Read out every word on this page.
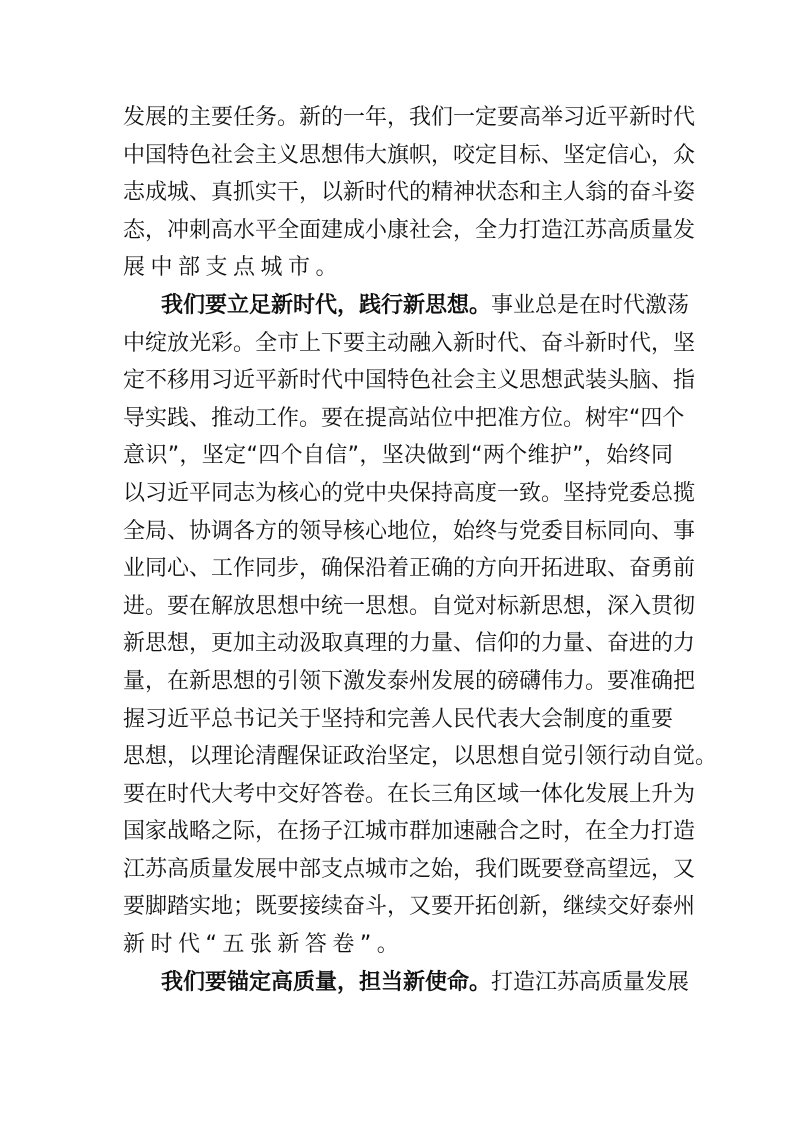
发展的主要任务。新的一年，我们一定要高举习近平新时代
中国特色社会主义思想伟大旗帜，咬定目标、坚定信心，众
志成城、真抓实干，以新时代的精神状态和主人翁的奋斗姿
态，冲刺高水平全面建成小康社会，全力打造江苏高质量发
展中部支点城市。
我们要立足新时代，践行新思想。事业总是在时代激荡
中绽放光彩。全市上下要主动融入新时代、奋斗新时代，坚
定不移用习近平新时代中国特色社会主义思想武装头脑、指
导实践、推动工作。要在提高站位中把准方位。树牢“四个
意识”，坚定“四个自信”，坚决做到“两个维护”，始终同
以习近平同志为核心的党中央保持高度一致。坚持党委总揽
全局、协调各方的领导核心地位，始终与党委目标同向、事
业同心、工作同步，确保沿着正确的方向开拓进取、奋勇前
进。要在解放思想中统一思想。自觉对标新思想，深入贯彻
新思想，更加主动汲取真理的力量、信仰的力量、奋进的力
量，在新思想的引领下激发泰州发展的磅礴伟力。要准确把
握习近平总书记关于坚持和完善人民代表大会制度的重要
思想，以理论清醒保证政治坚定，以思想自觉引领行动自觉。
要在时代大考中交好答卷。在长三角区域一体化发展上升为
国家战略之际，在扬子江城市群加速融合之时，在全力打造
江苏高质量发展中部支点城市之始，我们既要登高望远，又
要脚踏实地；既要接续奋斗，又要开拓创新，继续交好泰州
新时代“五张新答卷”。
我们要锚定高质量，担当新使命。打造江苏高质量发展
